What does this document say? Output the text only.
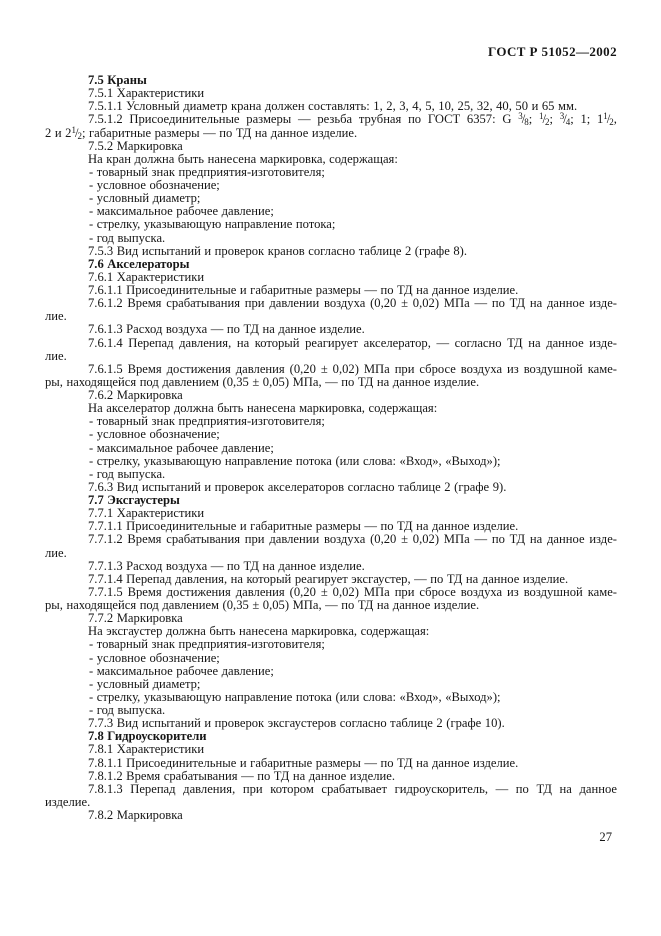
ГОСТ Р 51052—2002
7.5 Краны
7.5.1 Характеристики
7.5.1.1 Условный диаметр крана должен составлять: 1, 2, 3, 4, 5, 10, 25, 32, 40, 50 и 65 мм.
7.5.1.2 Присоединительные размеры — резьба трубная по ГОСТ 6357: G $^3/_8$; $^1/_2$; $^3/_4$; 1; $1^1/_2$,
2 и $2^1/_2$; габаритные размеры — по ТД на данное изделие.
7.5.2 Маркировка
На кран должна быть нанесена маркировка, содержащая:
- товарный знак предприятия-изготовителя;
- условное обозначение;
- условный диаметр;
- максимальное рабочее давление;
- стрелку, указывающую направление потока;
- год выпуска.
7.5.3 Вид испытаний и проверок кранов согласно таблице 2 (графе 8).
7.6 Акселераторы
7.6.1 Характеристики
7.6.1.1 Присоединительные и габаритные размеры — по ТД на данное изделие.
7.6.1.2 Время срабатывания при давлении воздуха (0,20 ± 0,02) МПа — по ТД на данное изде-
лие.
7.6.1.3 Расход воздуха — по ТД на данное изделие.
7.6.1.4 Перепад давления, на который реагирует акселератор, — согласно ТД на данное изде-
лие.
7.6.1.5 Время достижения давления (0,20 ± 0,02) МПа при сбросе воздуха из воздушной каме-
ры, находящейся под давлением (0,35 ± 0,05) МПа, — по ТД на данное изделие.
7.6.2 Маркировка
На акселератор должна быть нанесена маркировка, содержащая:
- товарный знак предприятия-изготовителя;
- условное обозначение;
- максимальное рабочее давление;
- стрелку, указывающую направление потока (или слова: «Вход», «Выход»);
- год выпуска.
7.6.3 Вид испытаний и проверок акселераторов согласно таблице 2 (графе 9).
7.7 Эксгаустеры
7.7.1 Характеристики
7.7.1.1 Присоединительные и габаритные размеры — по ТД на данное изделие.
7.7.1.2 Время срабатывания при давлении воздуха (0,20 ± 0,02) МПа — по ТД на данное изде-
лие.
7.7.1.3 Расход воздуха — по ТД на данное изделие.
7.7.1.4 Перепад давления, на который реагирует эксгаустер, — по ТД на данное изделие.
7.7.1.5 Время достижения давления (0,20 ± 0,02) МПа при сбросе воздуха из воздушной каме-
ры, находящейся под давлением (0,35 ± 0,05) МПа, — по ТД на данное изделие.
7.7.2 Маркировка
На эксгаустер должна быть нанесена маркировка, содержащая:
- товарный знак предприятия-изготовителя;
- условное обозначение;
- максимальное рабочее давление;
- условный диаметр;
- стрелку, указывающую направление потока (или слова: «Вход», «Выход»);
- год выпуска.
7.7.3 Вид испытаний и проверок эксгаустеров согласно таблице 2 (графе 10).
7.8 Гидроускорители
7.8.1 Характеристики
7.8.1.1 Присоединительные и габаритные размеры — по ТД на данное изделие.
7.8.1.2 Время срабатывания — по ТД на данное изделие.
7.8.1.3 Перепад давления, при котором срабатывает гидроускоритель, — по ТД на данное
изделие.
7.8.2 Маркировка
27
